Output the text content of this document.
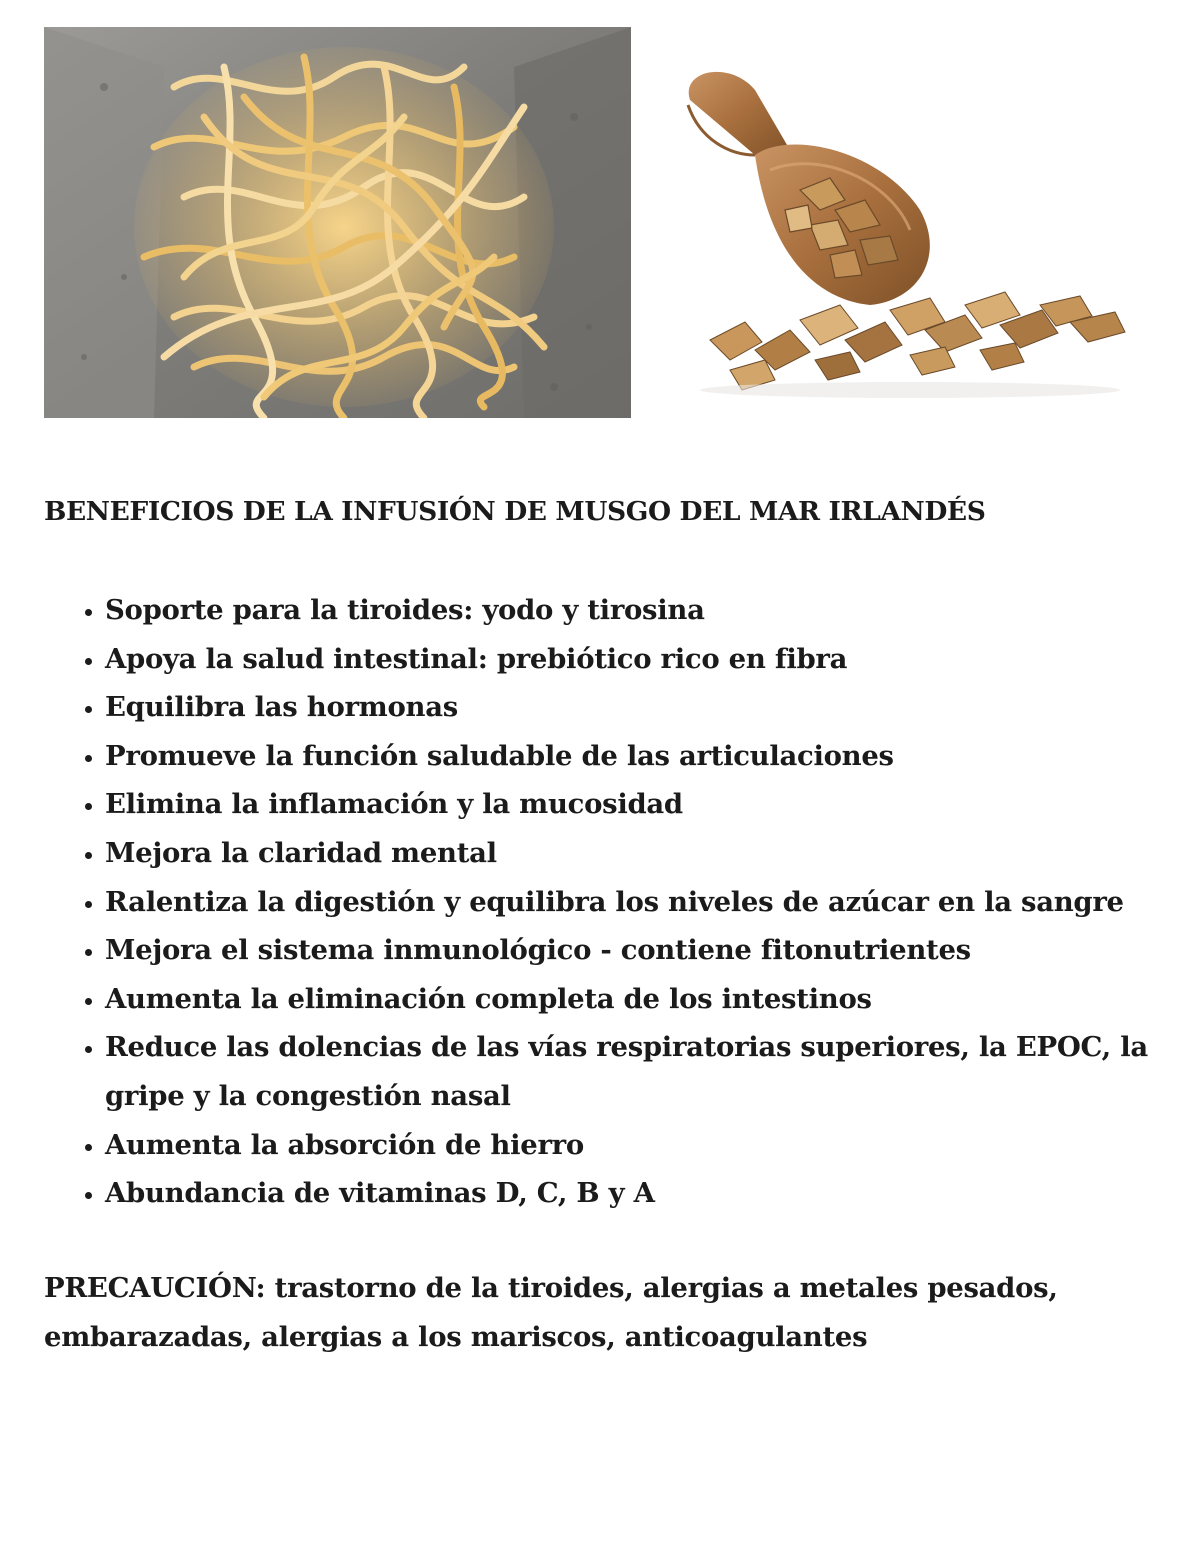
BENEFICIOS DE LA INFUSIÓN DE MUSGO DEL MAR IRLANDÉS
• Soporte para la tiroides: yodo y tirosina
• Apoya la salud intestinal: prebiótico rico en fibra
• Equilibra las hormonas
• Promueve la función saludable de las articulaciones
• Elimina la inflamación y la mucosidad
• Mejora la claridad mental
• Ralentiza la digestión y equilibra los niveles de azúcar en la sangre
• Mejora el sistema inmunológico - contiene fitonutrientes
• Aumenta la eliminación completa de los intestinos
• Reduce las dolencias de las vías respiratorias superiores, la EPOC, la gripe y la congestión nasal
• Aumenta la absorción de hierro
• Abundancia de vitaminas D, C, B y A
PRECAUCIÓN: trastorno de la tiroides, alergias a metales pesados, embarazadas, alergias a los mariscos, anticoagulantes
